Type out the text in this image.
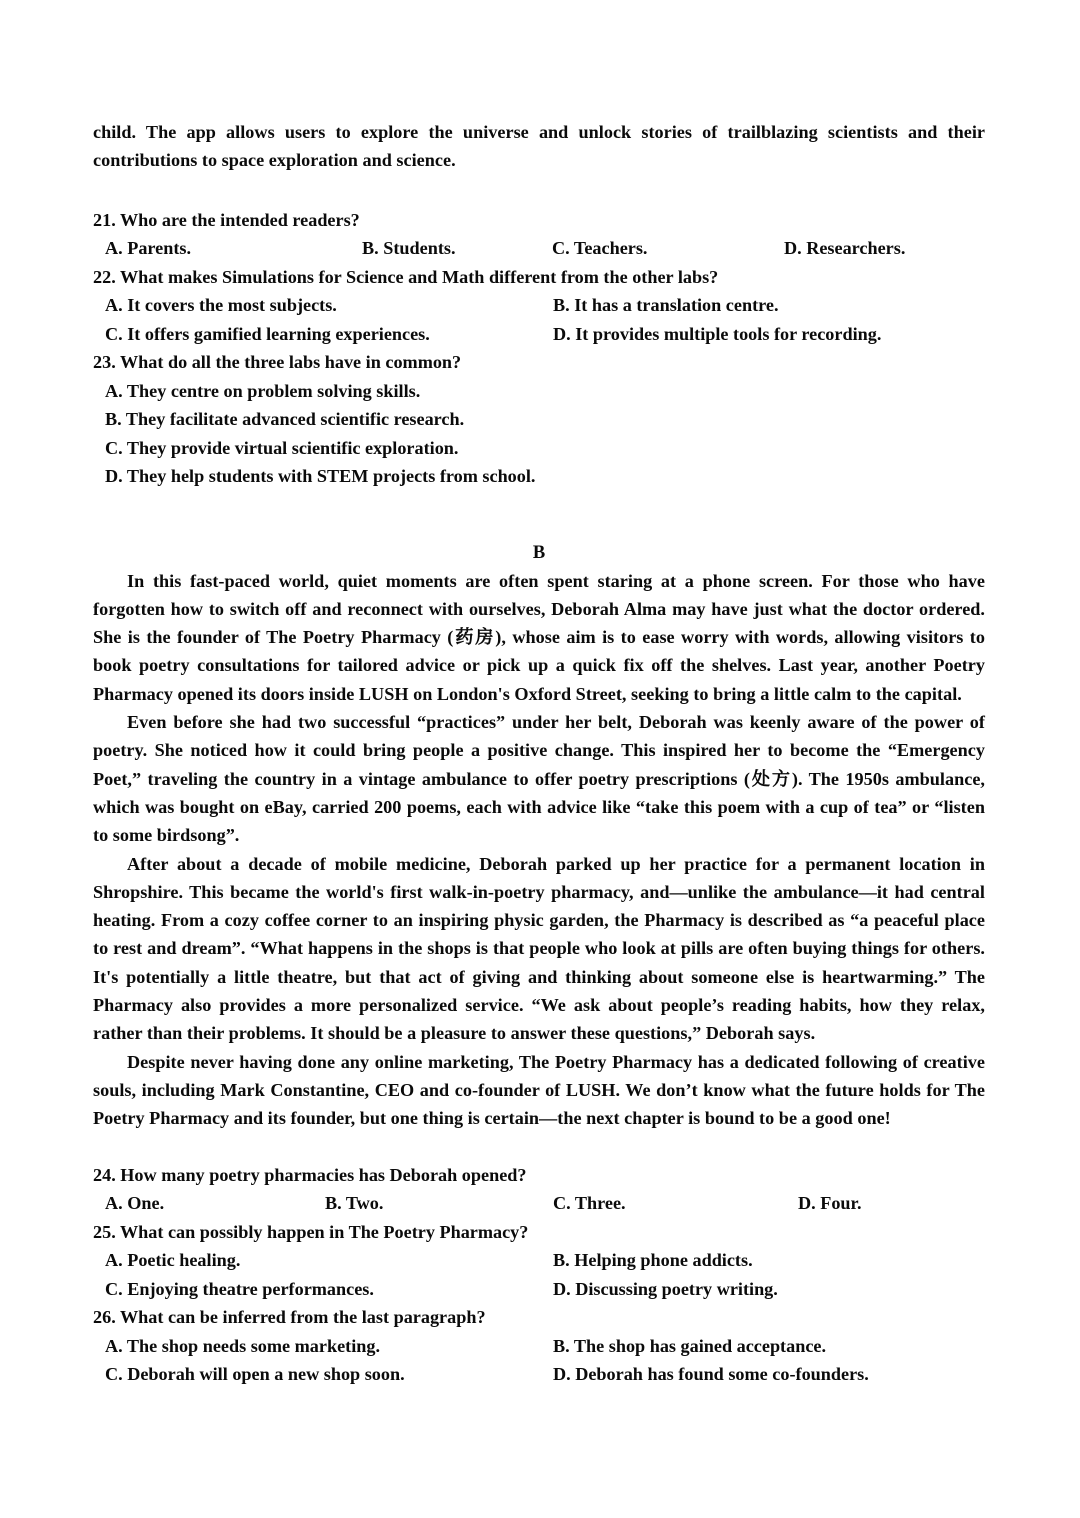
child. The app allows users to explore the universe and unlock stories of trailblazing scientists and their contributions to space exploration and science.

21. Who are the intended readers?

A. Parents.	B. Students.	C. Teachers.	D. Researchers.

22. What makes Simulations for Science and Math different from the other labs?

A. It covers the most subjects.	B. It has a translation centre.
C. It offers gamified learning experiences.	D. It provides multiple tools for recording.

23. What do all the three labs have in common?

A. They centre on problem solving skills.
B. They facilitate advanced scientific research.
C. They provide virtual scientific exploration.
D. They help students with STEM projects from school.

B

In this fast-paced world, quiet moments are often spent staring at a phone screen. For those who have forgotten how to switch off and reconnect with ourselves, Deborah Alma may have just what the doctor ordered. She is the founder of The Poetry Pharmacy (药房), whose aim is to ease worry with words, allowing visitors to book poetry consultations for tailored advice or pick up a quick fix off the shelves. Last year, another Poetry Pharmacy opened its doors inside LUSH on London's Oxford Street, seeking to bring a little calm to the capital.

Even before she had two successful “practices” under her belt, Deborah was keenly aware of the power of poetry. She noticed how it could bring people a positive change. This inspired her to become the “Emergency Poet,” traveling the country in a vintage ambulance to offer poetry prescriptions (处方). The 1950s ambulance, which was bought on eBay, carried 200 poems, each with advice like “take this poem with a cup of tea” or “listen to some birdsong”.

After about a decade of mobile medicine, Deborah parked up her practice for a permanent location in Shropshire. This became the world's first walk-in-poetry pharmacy, and—unlike the ambulance—it had central heating. From a cozy coffee corner to an inspiring physic garden, the Pharmacy is described as “a peaceful place to rest and dream”. “What happens in the shops is that people who look at pills are often buying things for others. It's potentially a little theatre, but that act of giving and thinking about someone else is heartwarming.” The Pharmacy also provides a more personalized service. “We ask about people’s reading habits, how they relax, rather than their problems. It should be a pleasure to answer these questions,” Deborah says.

Despite never having done any online marketing, The Poetry Pharmacy has a dedicated following of creative souls, including Mark Constantine, CEO and co-founder of LUSH. We don’t know what the future holds for The Poetry Pharmacy and its founder, but one thing is certain—the next chapter is bound to be a good one!

24. How many poetry pharmacies has Deborah opened?

A. One.	B. Two.	C. Three.	D. Four.

25. What can possibly happen in The Poetry Pharmacy?

A. Poetic healing.	B. Helping phone addicts.
C. Enjoying theatre performances.	D. Discussing poetry writing.

26. What can be inferred from the last paragraph?

A. The shop needs some marketing.	B. The shop has gained acceptance.
C. Deborah will open a new shop soon.	D. Deborah has found some co-founders.
